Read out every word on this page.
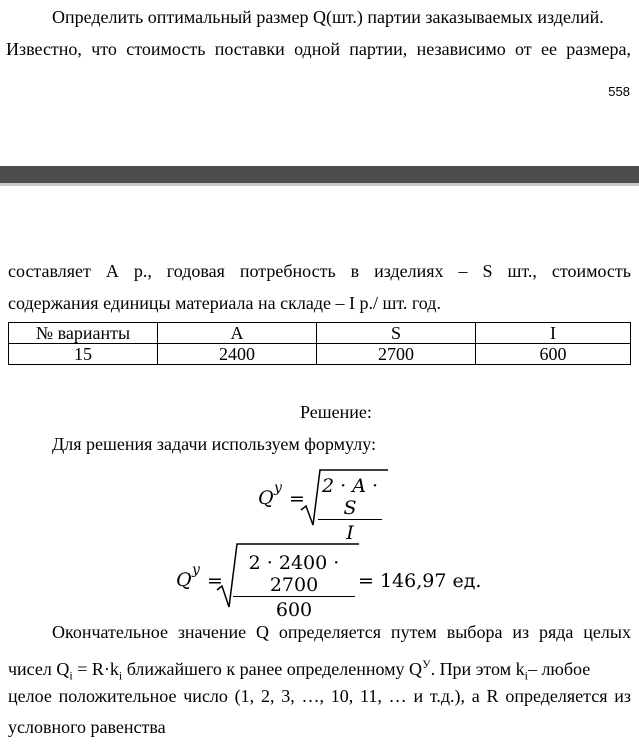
Определить оптимальный размер Q(шт.) партии заказываемых изделий.
Известно, что стоимость поставки одной партии, независимо от ее размера,
558
составляет А р., годовая потребность в изделиях – S шт., стоимость
содержания единицы материала на складе – I р./ шт. год.
№ варианты	A	S	I
15	2400	2700	600
Решение:
Для решения задачи используем формулу:
Q $у = \frac{2 \cdot A \cdot S}{I}$
Q $у = \frac{2 \cdot 2400 \cdot 2700}{600} = 146,97$ ед.
Окончательное значение Q определяется путем выбора из ряда целых
чисел $Q_i = R\cdot k_i$ ближайшего к ранее определенному $Q^У$. При этом $k_i-$ любое
целое положительное число (1, 2, 3, …, 10, 11, … и т.д.), а R определяется из
условного равенства
